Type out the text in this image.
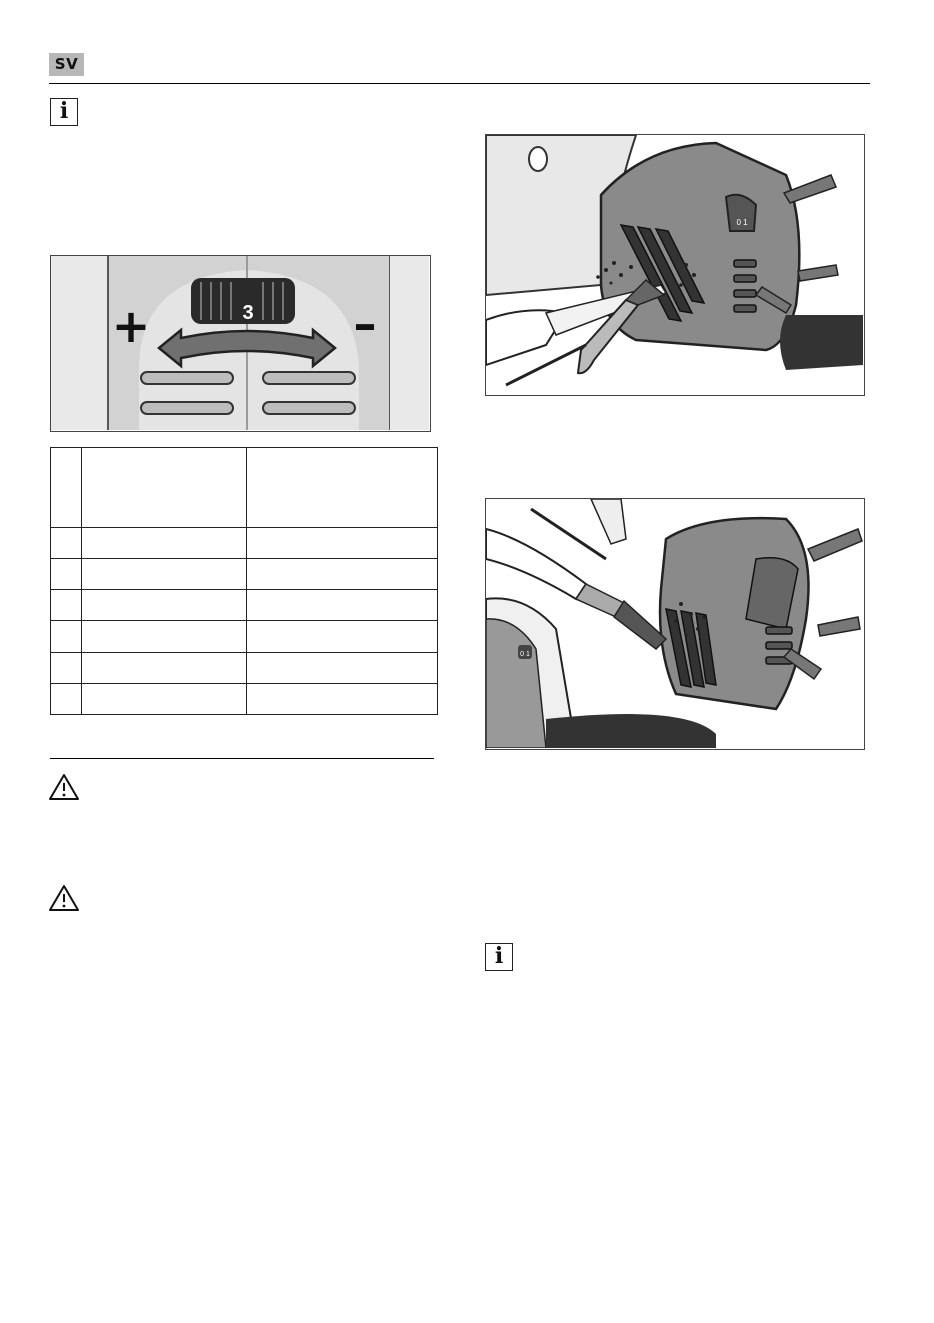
SV
i
3
+	–

0 1
0 1
i
